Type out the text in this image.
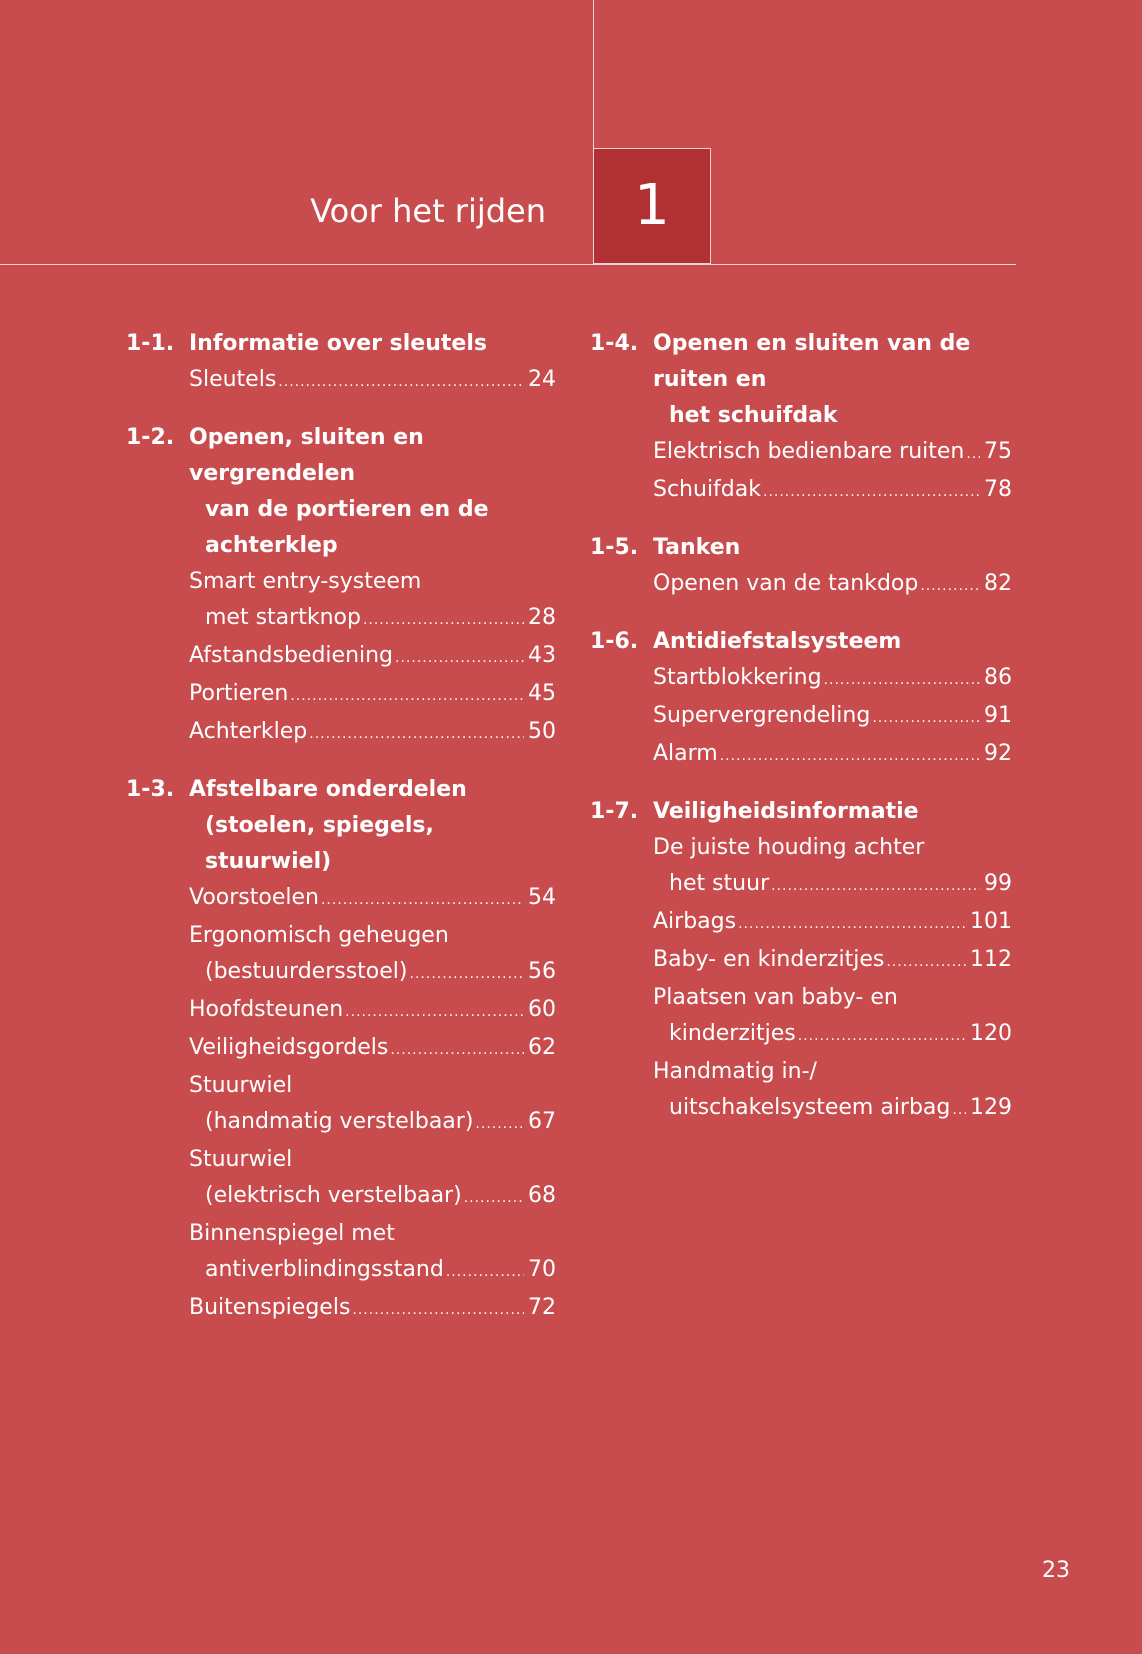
Voor het rijden 1
1-1. Informatie over sleutels
Sleutels .....	24
1-2. Openen, sluiten en vergrendelen
van de portieren en de
achterklep
Smart entry-systeem
met startknop .....	28
Afstandsbediening .....	43
Portieren .....	45
Achterklep .....	50
1-3. Afstelbare onderdelen
(stoelen, spiegels, stuurwiel)
Voorstoelen .....	54
Ergonomisch geheugen
(bestuurdersstoel) .....	56
Hoofdsteunen .....	60
Veiligheidsgordels .....	62
Stuurwiel
(handmatig verstelbaar) ..... 67
Stuurwiel
(elektrisch verstelbaar) .....	68
Binnenspiegel met
antiverblindingsstand .....	70
Buitenspiegels .....	72
1-4. Openen en sluiten van de ruiten en
het schuifdak
Elektrisch bedienbare ruiten ..... 75
Schuifdak .....	78
1-5. Tanken
Openen van de tankdop .....	82
1-6. Antidiefstalsysteem
Startblokkering .....	86
Supervergrendeling .....	91
Alarm .....	92
1-7. Veiligheidsinformatie
De juiste houding achter
het stuur .....	99
Airbags .....	101
Baby- en kinderzitjes .....	112
Plaatsen van baby- en
kinderzitjes .....	120
Handmatig in-/
uitschakelsysteem airbag ..... 129
23
